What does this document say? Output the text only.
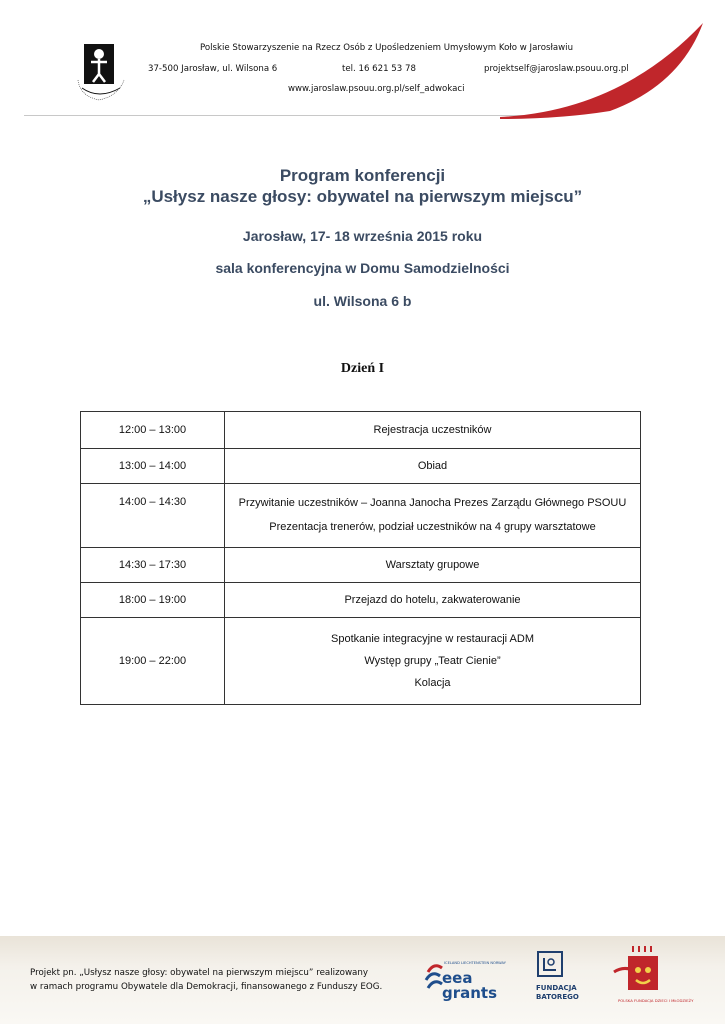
Polskie Stowarzyszenie na Rzecz Osób z Upośledzeniem Umysłowym Koło w Jarosławiu
37-500 Jarosław, ul. Wilsona 6	tel. 16 621 53 78	projektself@jaroslaw.psouu.org.pl
www.jaroslaw.psouu.org.pl/self_adwokaci
Program konferencji
„Usłysz nasze głosy: obywatel na pierwszym miejscu”
Jarosław, 17- 18 września 2015 roku
sala konferencyjna w Domu Samodzielności
ul. Wilsona 6 b
Dzień I
12:00 – 13:00	Rejestracja uczestników

13:00 – 14:00	Obiad

14:00 – 14:30	Przywitanie uczestników – Joanna Janocha Prezes Zarządu Głównego PSOUU
Prezentacja trenerów, podział uczestników na 4 grupy warsztatowe

14:30 – 17:30	Warsztaty grupowe

18:00 – 19:00	Przejazd do hotelu, zakwaterowanie

19:00 – 22:00	Spotkanie integracyjne w restauracji ADM
Występ grupy „Teatr Cienie”
Kolacja
Projekt pn. „Usłysz nasze głosy: obywatel na pierwszym miejscu” realizowany
w ramach programu Obywatele dla Demokracji, finansowanego z Funduszy EOG.
ICELAND LIECHTENSTEIN NORWAY
eea
grants	FUNDACJA
BATOREGO	POLSKA FUNDACJA DZIECI I MŁODZIEŻY
